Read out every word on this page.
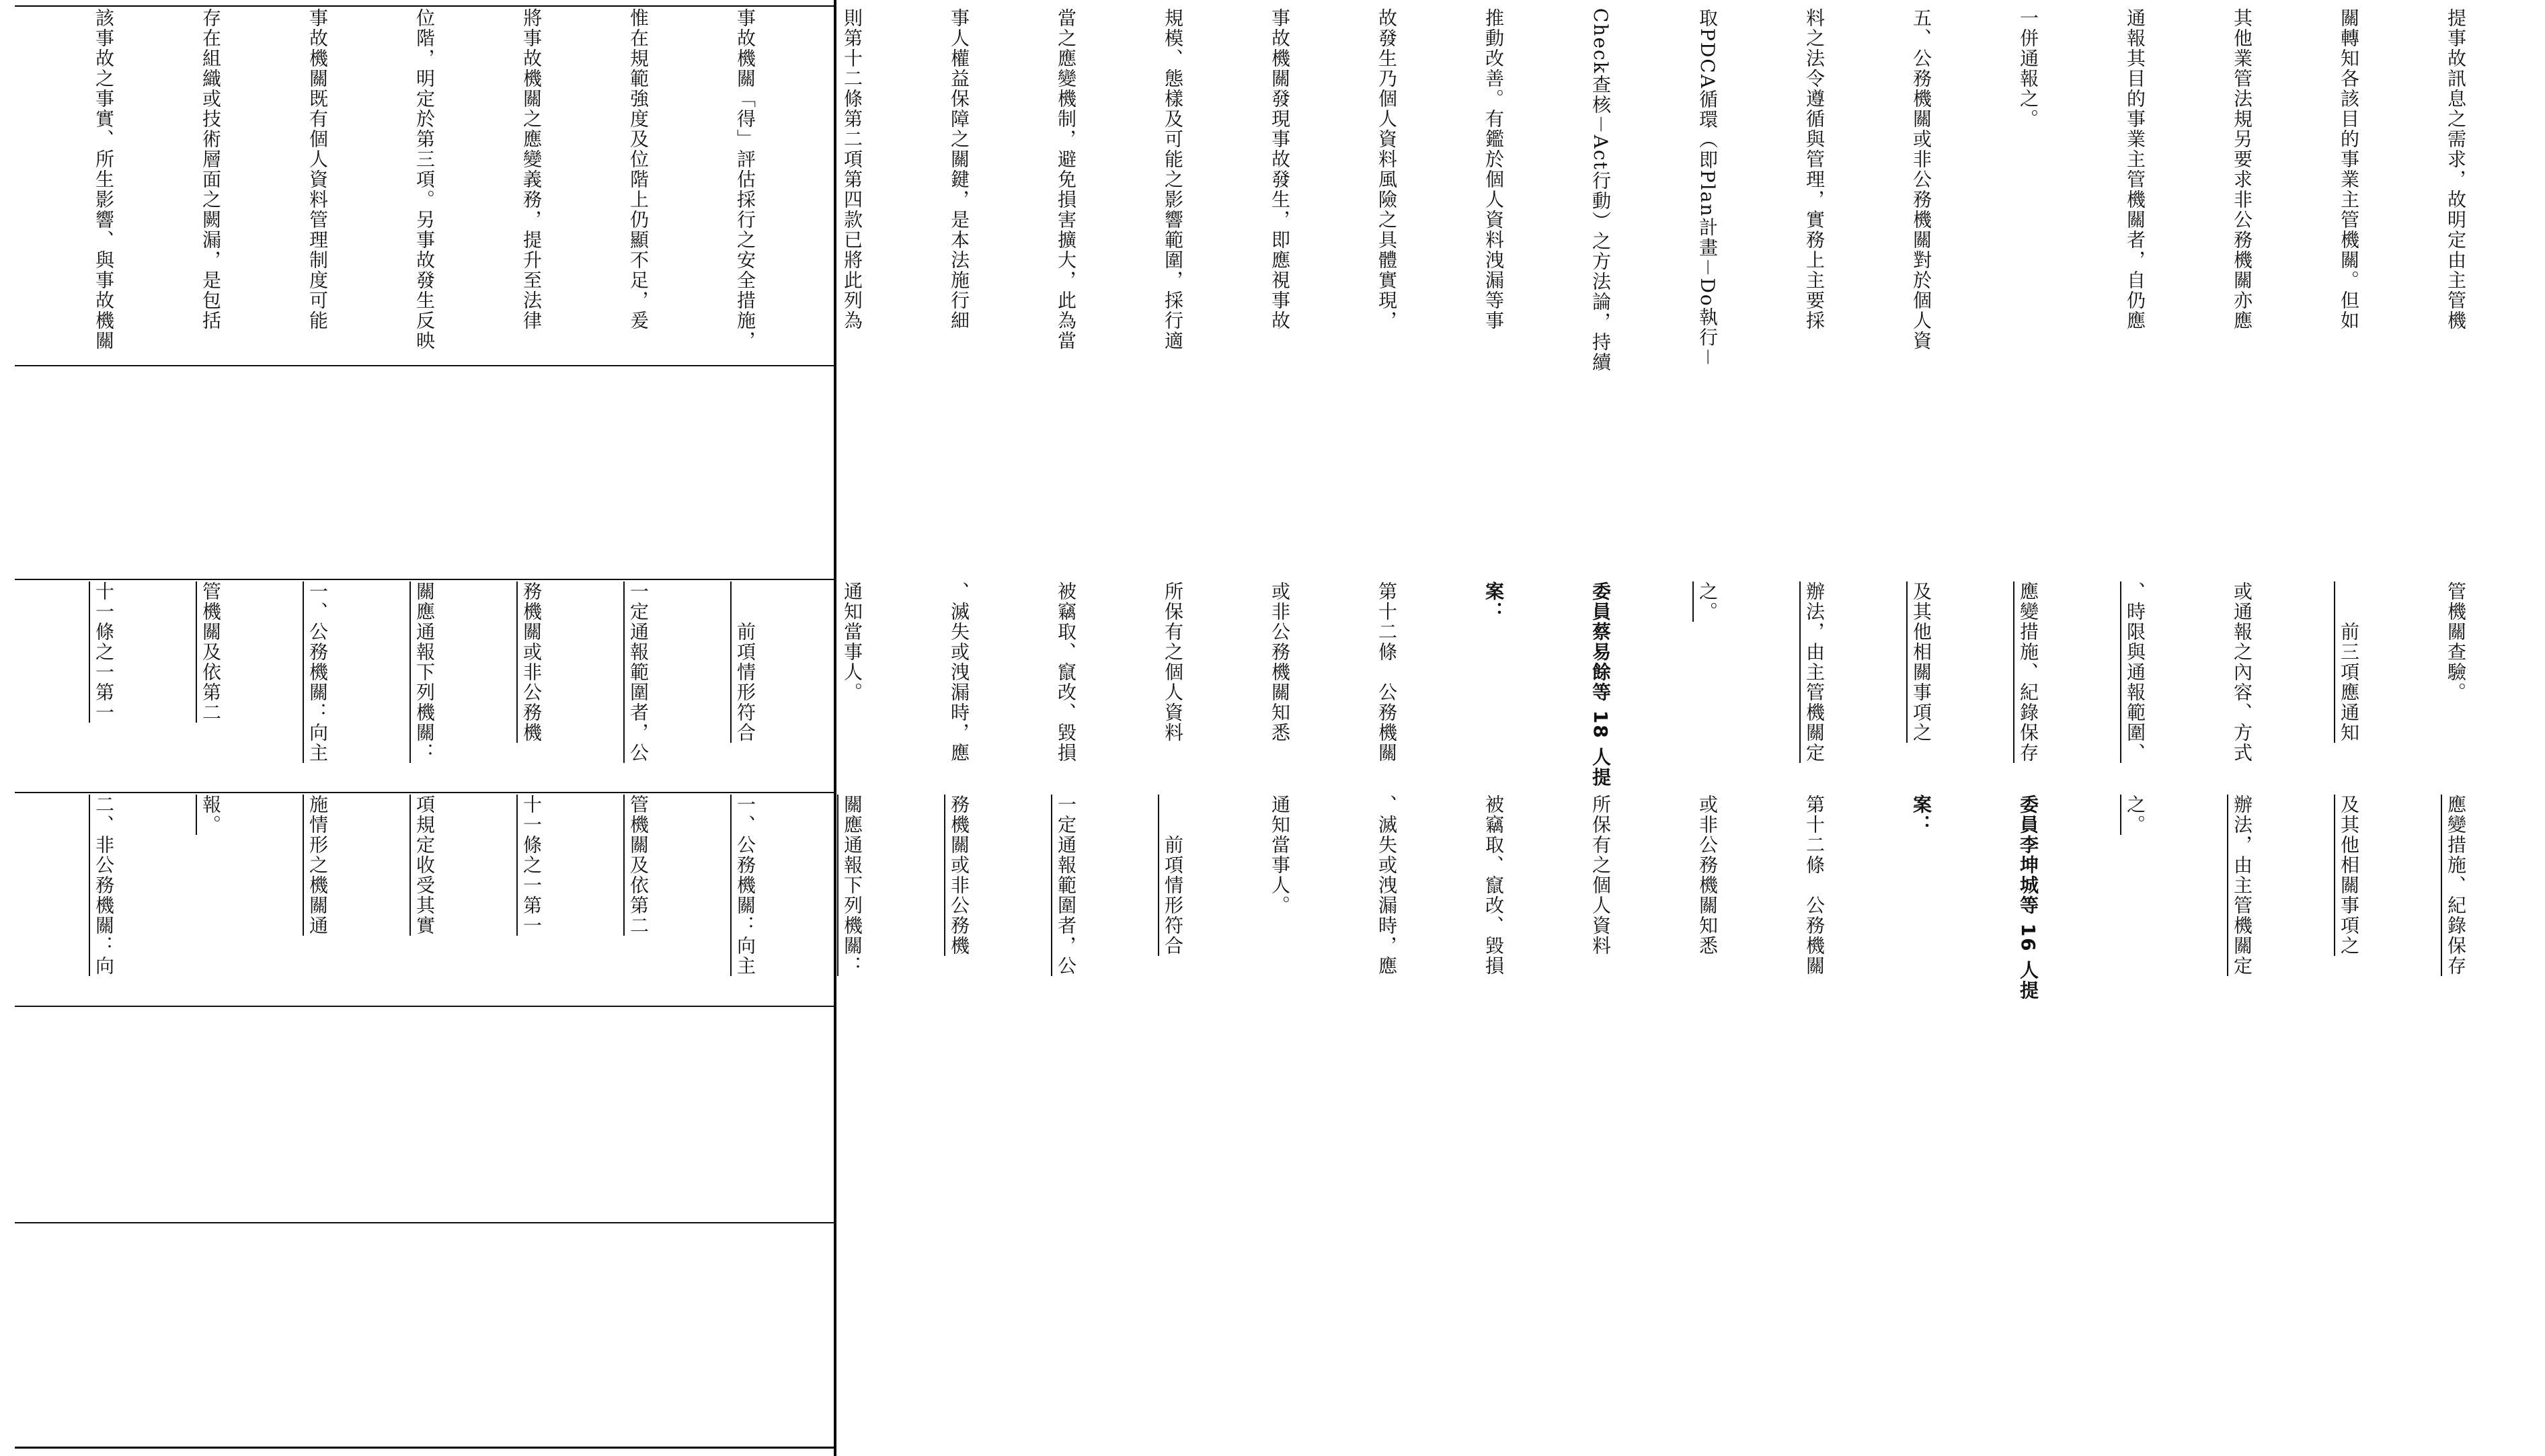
提事故訊息之需求，故明定由主管機

關轉知各該目的事業主管機關。但如

其他業管法規另要求非公務機關亦應

通報其目的事業主管機關者，自仍應

一併通報之。

五、公務機關或非公務機關對於個人資

料之法令遵循與管理，實務上主要採

取PDCA循環（即Plan計畫－Do執行－

Check查核－Act行動）之方法論，持續

推動改善。有鑑於個人資料洩漏等事

故發生乃個人資料風險之具體實現，

事故機關發現事故發生，即應視事故

規模、態樣及可能之影響範圍，採行適

當之應變機制，避免損害擴大，此為當

事人權益保障之關鍵，是本法施行細

則第十二條第二項第四款已將此列為

事故機關「得」評估採行之安全措施，

惟在規範強度及位階上仍顯不足，爰

將事故機關之應變義務，提升至法律

位階，明定於第三項。另事故發生反映

事故機關既有個人資料管理制度可能

存在組織或技術層面之闕漏，是包括

該事故之事實、所生影響、與事故機關

管機關查驗。

　　前三項應通知

或通報之內容、方式

、時限與通報範圍、

應變措施、紀錄保存

及其他相關事項之

辦法，由主管機關定

之。

委員蔡易餘等 18 人提

案：

第十二條　公務機關

或非公務機關知悉

所保有之個人資料

被竊取、竄改、毀損

、滅失或洩漏時，應

通知當事人。

　　前項情形符合

一定通報範圍者，公

務機關或非公務機

關應通報下列機關：

一、公務機關：向主

管機關及依第二

十一條之一第一

應變措施、紀錄保存

及其他相關事項之

辦法，由主管機關定

之。

委員李坤城等 16 人提

案：

第十二條　公務機關

或非公務機關知悉

所保有之個人資料

被竊取、竄改、毀損

、滅失或洩漏時，應

通知當事人。

　　前項情形符合

一定通報範圍者，公

務機關或非公務機

關應通報下列機關：

一、公務機關：向主

管機關及依第二

十一條之一第一

項規定收受其實

施情形之機關通

報。

二、非公務機關：向
